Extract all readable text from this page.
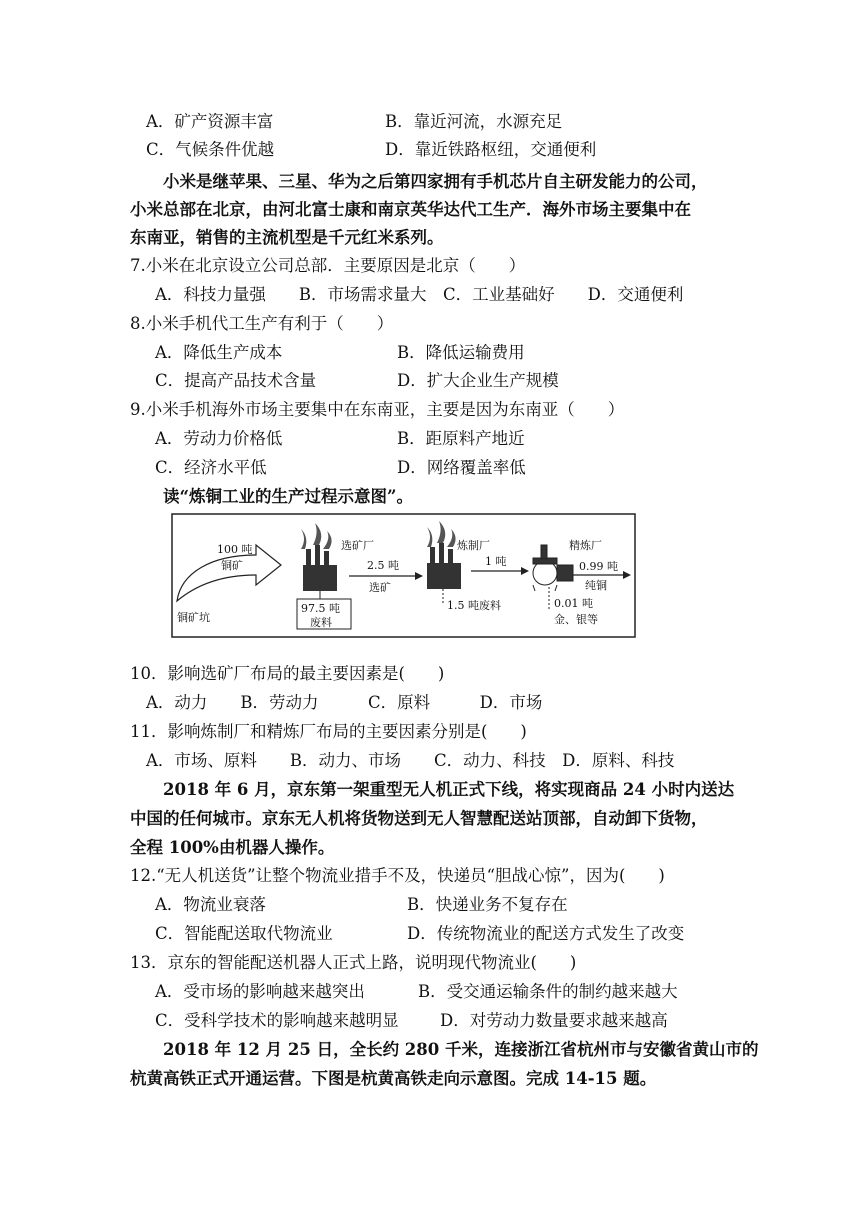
A．矿产资源丰富	B．靠近河流，水源充足
C．气候条件优越	D．靠近铁路枢纽，交通便利
小米是继苹果、三星、华为之后第四家拥有手机芯片自主研发能力的公司，
小米总部在北京，由河北富士康和南京英华达代工生产．海外市场主要集中在
东南亚，销售的主流机型是千元红米系列。
7.小米在北京设立公司总部．主要原因是北京（　　）
A．科技力量强　　B．市场需求量大　C．工业基础好　　D．交通便利
8.小米手机代工生产有利于（　　）
A．降低生产成本	B．降低运输费用
C．提高产品技术含量	D．扩大企业生产规模
9.小米手机海外市场主要集中在东南亚，主要是因为东南亚（　　）
A．劳动力价格低	B．距原料产地近
C．经济水平低	D．网络覆盖率低
读“炼铜工业的生产过程示意图”。
10．影响选矿厂布局的最主要因素是(　　)
A．动力　　B．劳动力　　　C．原料　　　D．市场
11．影响炼制厂和精炼厂布局的主要因素分别是(　　)
A．市场、原料　　B．动力、市场　　C．动力、科技　D．原料、科技
2018 年 6 月，京东第一架重型无人机正式下线，将实现商品 24 小时内送达
中国的任何城市。京东无人机将货物送到无人智慧配送站顶部，自动卸下货物，
全程 100%由机器人操作。
12.“无人机送货”让整个物流业措手不及，快递员“胆战心惊”，因为(　　)
A．物流业衰落	B．快递业务不复存在
C．智能配送取代物流业	D．传统物流业的配送方式发生了改变
13．京东的智能配送机器人正式上路，说明现代物流业(　　)
A．受市场的影响越来越突出	B．受交通运输条件的制约越来越大
C．受科学技术的影响越来越明显	D．对劳动力数量要求越来越高
2018 年 12 月 25 日，全长约 280 千米，连接浙江省杭州市与安徽省黄山市的
杭黄高铁正式开通运营。下图是杭黄高铁走向示意图。完成 14-15 题。
100 吨
铜矿
铜矿坑
选矿厂
97.5 吨
废料
2.5 吨
选矿
炼制厂
1.5 吨废料
1 吨
精炼厂
0.99 吨
纯铜
0.01 吨
金、银等
